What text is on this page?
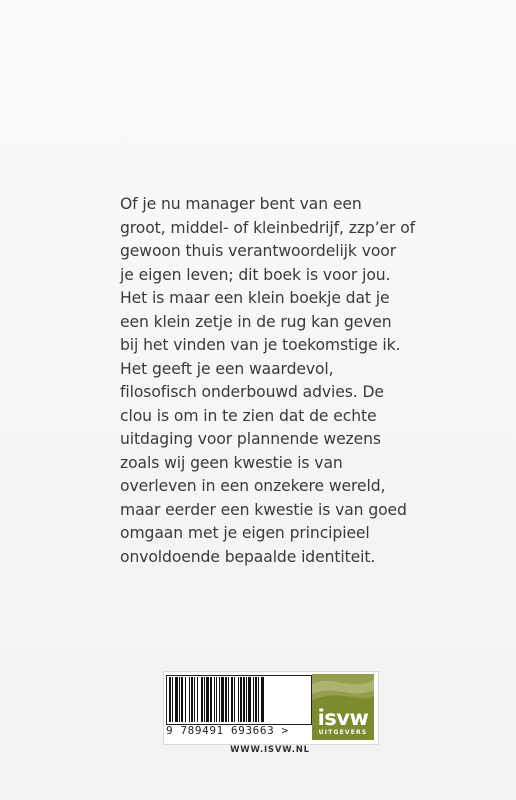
Of je nu manager bent van een
groot, middel- of kleinbedrijf, zzp’er of
gewoon thuis verantwoordelijk voor
je eigen leven; dit boek is voor jou.
Het is maar een klein boekje dat je
een klein zetje in de rug kan geven
bij het vinden van je toekomstige ik.
Het geeft je een waardevol,
filosofisch onderbouwd advies. De
clou is om in te zien dat de echte
uitdaging voor plannende wezens
zoals wij geen kwestie is van
overleven in een onzekere wereld,
maar eerder een kwestie is van goed
omgaan met je eigen principieel
onvoldoende bepaalde identiteit.
9 789491 693663 >
isvw
UITGEVERS
WWW.ISVW.NL
